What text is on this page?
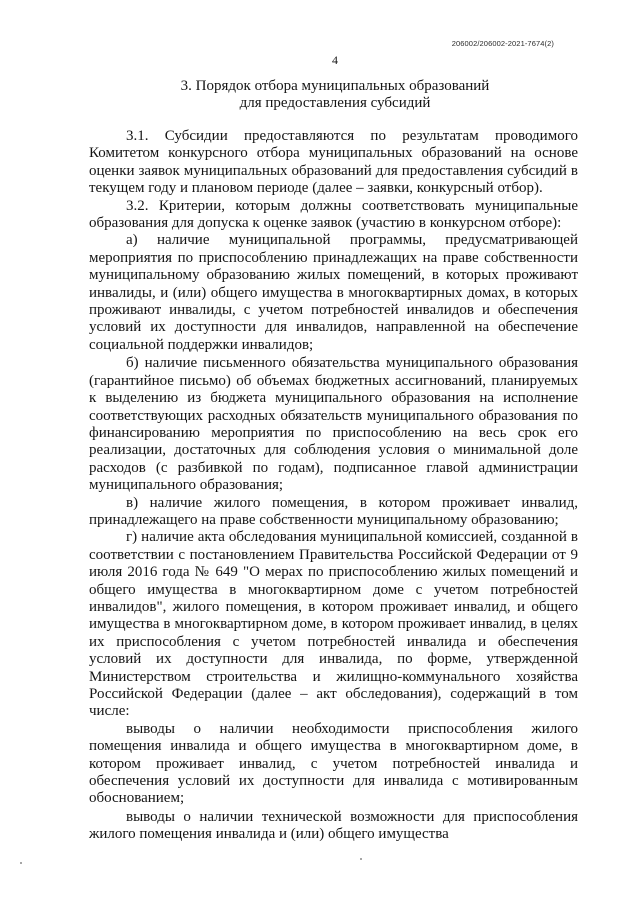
206002/206002-2021-7674(2)
4
3. Порядок отбора муниципальных образований
для предоставления субсидий

3.1. Субсидии предоставляются по результатам проводимого Комитетом конкурсного отбора муниципальных образований на основе оценки заявок муниципальных образований для предоставления субсидий в текущем году и плановом периоде (далее – заявки, конкурсный отбор).

3.2. Критерии, которым должны соответствовать муниципальные образования для допуска к оценке заявок (участию в конкурсном отборе):

а) наличие муниципальной программы, предусматривающей мероприятия по приспособлению принадлежащих на праве собственности муниципальному образованию жилых помещений, в которых проживают инвалиды, и (или) общего имущества в многоквартирных домах, в которых проживают инвалиды, с учетом потребностей инвалидов и обеспечения условий их доступности для инвалидов, направленной на обеспечение социальной поддержки инвалидов;

б) наличие письменного обязательства муниципального образования (гарантийное письмо) об объемах бюджетных ассигнований, планируемых к выделению из бюджета муниципального образования на исполнение соответствующих расходных обязательств муниципального образования по финансированию мероприятия по приспособлению на весь срок его реализации, достаточных для соблюдения условия о минимальной доле расходов (с разбивкой по годам), подписанное главой администрации муниципального образования;

в) наличие жилого помещения, в котором проживает инвалид, принадлежащего на праве собственности муниципальному образованию;

г) наличие акта обследования муниципальной комиссией, созданной в соответствии с постановлением Правительства Российской Федерации от 9 июля 2016 года № 649 "О мерах по приспособлению жилых помещений и общего имущества в многоквартирном доме с учетом потребностей инвалидов", жилого помещения, в котором проживает инвалид, и общего имущества в многоквартирном доме, в котором проживает инвалид, в целях их приспособления с учетом потребностей инвалида и обеспечения условий их доступности для инвалида, по форме, утвержденной Министерством строительства и жилищно-коммунального хозяйства Российской Федерации (далее – акт обследования), содержащий в том числе:

выводы о наличии необходимости приспособления жилого помещения инвалида и общего имущества в многоквартирном доме, в котором проживает инвалид, с учетом потребностей инвалида и обеспечения условий их доступности для инвалида с мотивированным обоснованием;

выводы о наличии технической возможности для приспособления жилого помещения инвалида и (или) общего имущества
